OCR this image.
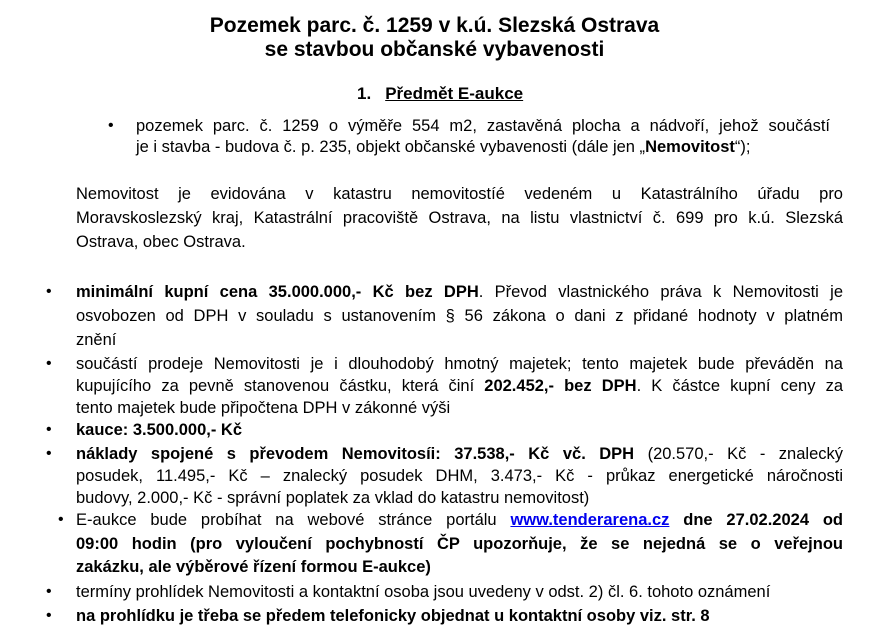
Pozemek parc. č. 1259 v k.ú. Slezská Ostrava
se stavbou občanské vybavenosti
1. Předmět E-aukce
• pozemek parc. č. 1259 o výměře 554 m2, zastavěná plocha a nádvoří, jehož součástí
je i stavba - budova č. p. 235, objekt občanské vybavenosti (dále jen „Nemovitost“);
Nemovitost je evidována v katastru nemovitostíé vedeném u Katastrálního úřadu pro
Moravskoslezský kraj, Katastrální pracoviště Ostrava, na listu vlastnictví č. 699 pro k.ú. Slezská
Ostrava, obec Ostrava.
• minimální kupní cena 35.000.000,- Kč bez DPH. Převod vlastnického práva k Nemovitosti je
osvobozen od DPH v souladu s ustanovením § 56 zákona o dani z přidané hodnoty v platném
znění
• součástí prodeje Nemovitosti je i dlouhodobý hmotný majetek; tento majetek bude převáděn na
kupujícího za pevně stanovenou částku, která činí 202.452,- bez DPH. K částce kupní ceny za
tento majetek bude připočtena DPH v zákonné výši
• kauce: 3.500.000,- Kč
• náklady spojené s převodem Nemovitosíi: 37.538,- Kč vč. DPH (20.570,- Kč - znalecký
posudek, 11.495,- Kč – znalecký posudek DHM, 3.473,- Kč - průkaz energetické náročnosti
budovy, 2.000,- Kč - správní poplatek za vklad do katastru nemovitost)
• E-aukce bude probíhat na webové stránce portálu www.tenderarena.cz dne 27.02.2024 od
09:00 hodin (pro vyloučení pochybností ČP upozorňuje, že se nejedná se o veřejnou
zakázku, ale výběrové řízení formou E-aukce)
• termíny prohlídek Nemovitosti a kontaktní osoba jsou uvedeny v odst. 2) čl. 6. tohoto oznámení
• na prohlídku je třeba se předem telefonicky objednat u kontaktní osoby viz. str. 8
